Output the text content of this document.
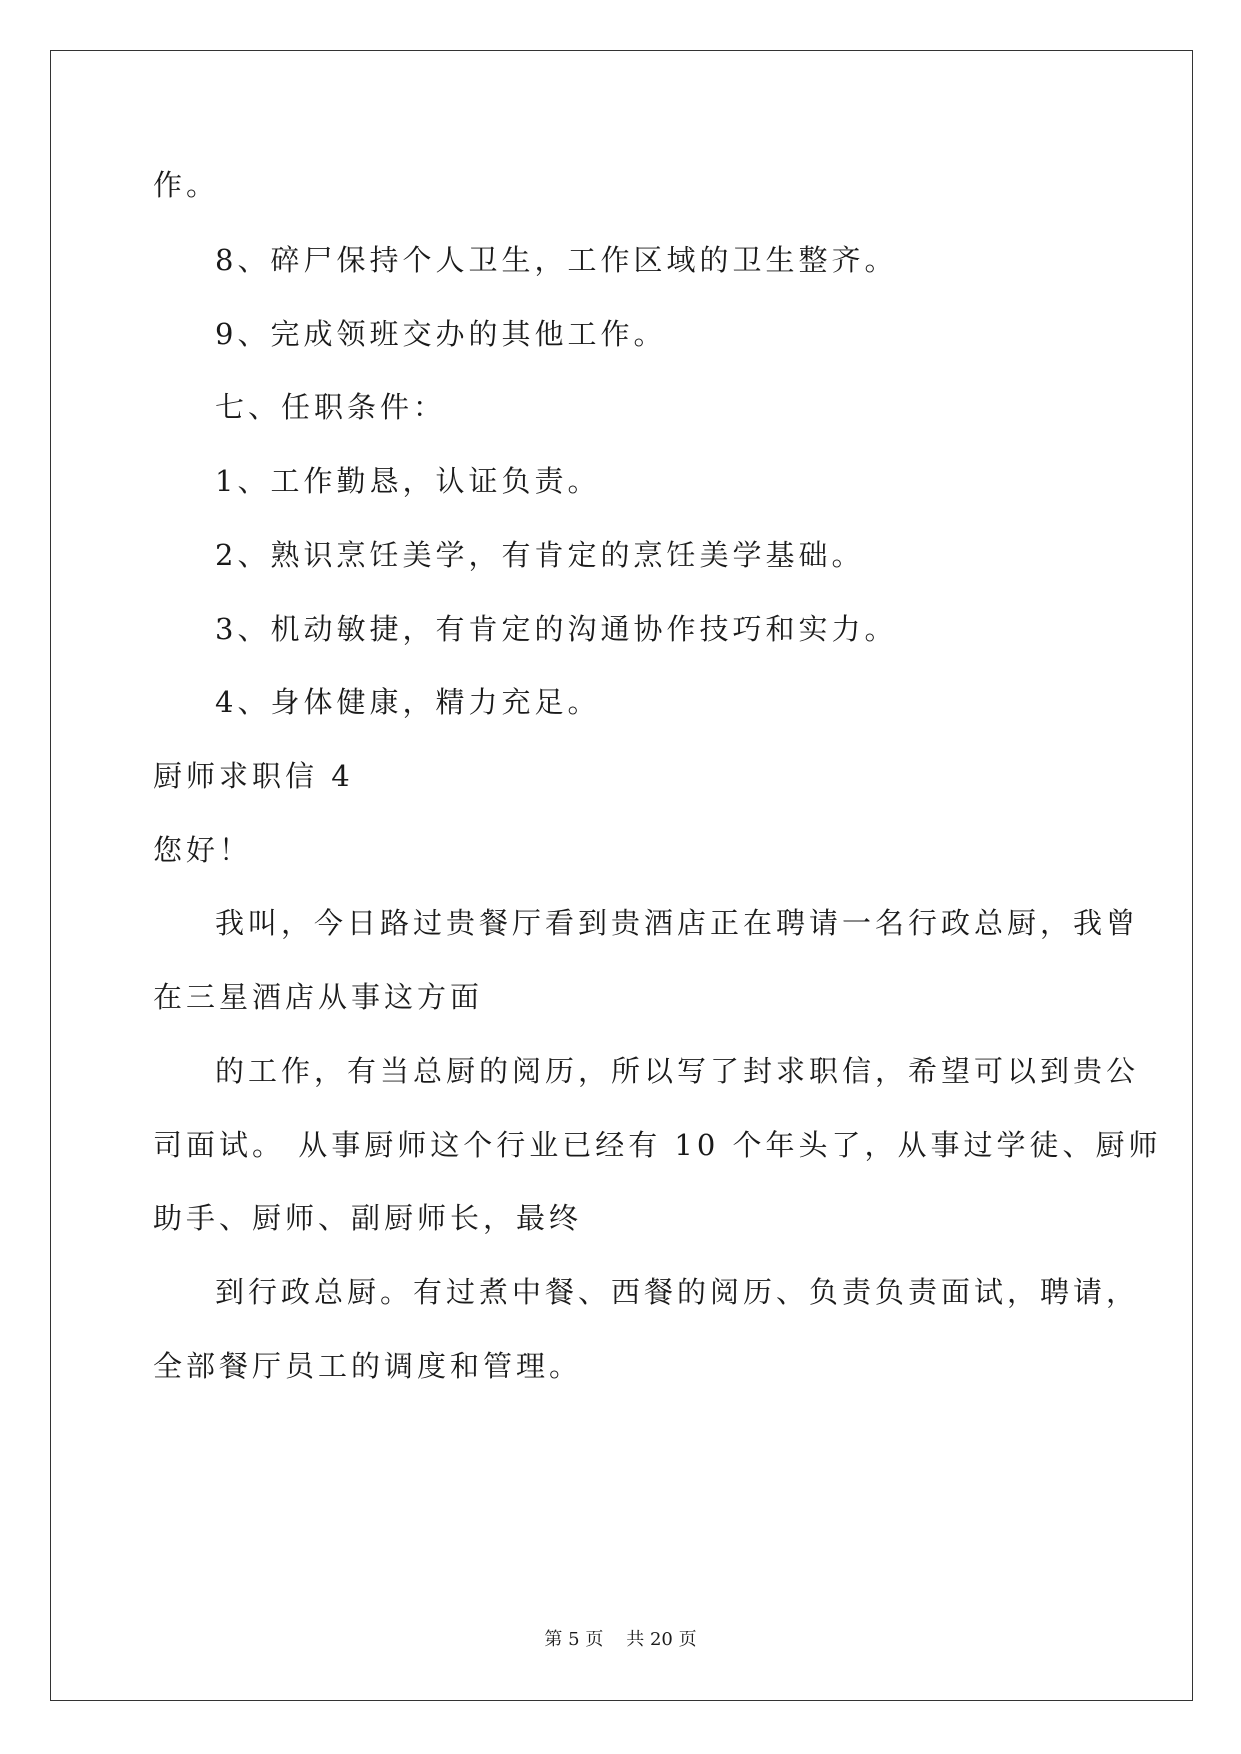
作。
8、碎尸保持个人卫生，工作区域的卫生整齐。
9、完成领班交办的其他工作。
七、任职条件：
1、工作勤恳，认证负责。
2、熟识烹饪美学，有肯定的烹饪美学基础。
3、机动敏捷，有肯定的沟通协作技巧和实力。
4、身体健康，精力充足。
厨师求职信 4
您好！
我叫，今日路过贵餐厅看到贵酒店正在聘请一名行政总厨，我曾
在三星酒店从事这方面
的工作，有当总厨的阅历，所以写了封求职信，希望可以到贵公
司面试。 从事厨师这个行业已经有 10 个年头了，从事过学徒、厨师
助手、厨师、副厨师长，最终
到行政总厨。有过煮中餐、西餐的阅历、负责负责面试，聘请，
全部餐厅员工的调度和管理。
第 5 页 共 20 页
